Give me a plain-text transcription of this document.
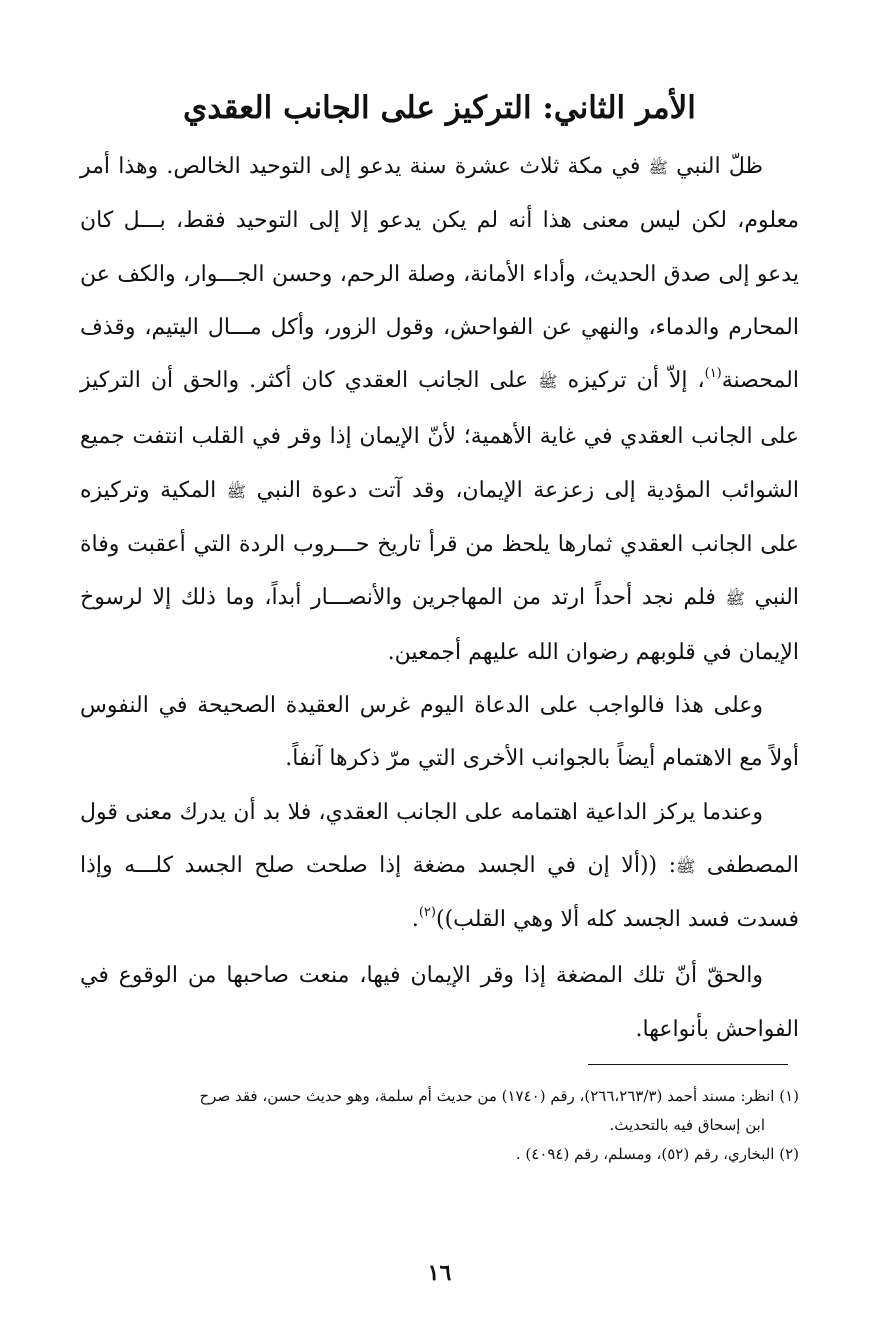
الأمر الثاني: التركيز على الجانب العقدي

ظلّ النبي ﷺ في مكة ثلاث عشرة سنة يدعو إلى التوحيد الخالص. وهذا أمر معلوم، لكن ليس معنى هذا أنه لم يكن يدعو إلا إلى التوحيد فقط، بـــل كان يدعو إلى صدق الحديث، وأداء الأمانة، وصلة الرحم، وحسن الجـــوار، والكف عن المحارم والدماء، والنهي عن الفواحش، وقول الزور، وأكل مـــال اليتيم، وقذف المحصنة$^{(١)}$، إلاّ أن تركيزه ﷺ على الجانب العقدي كان أكثر. والحق أن التركيز على الجانب العقدي في غاية الأهمية؛ لأنّ الإيمان إذا وقر في القلب انتفت جميع الشوائب المؤدية إلى زعزعة الإيمان، وقد آتت دعوة النبي ﷺ المكية وتركيزه على الجانب العقدي ثمارها يلحظ من قرأ تاريخ حـــروب الردة التي أعقبت وفاة النبي ﷺ فلم نجد أحداً ارتد من المهاجرين والأنصـــار أبداً، وما ذلك إلا لرسوخ الإيمان في قلوبهم رضوان الله عليهم أجمعين.

وعلى هذا فالواجب على الدعاة اليوم غرس العقيدة الصحيحة في النفوس أولاً مع الاهتمام أيضاً بالجوانب الأخرى التي مرّ ذكرها آنفاً.

وعندما يركز الداعية اهتمامه على الجانب العقدي، فلا بد أن يدرك معنى قول المصطفى ﷺ: ((ألا إن في الجسد مضغة إذا صلحت صلح الجسد كلـــه وإذا فسدت فسد الجسد كله ألا وهي القلب))$^{(٢)}$.

والحقّ أنّ تلك المضغة إذا وقر الإيمان فيها، منعت صاحبها من الوقوع في الفواحش بأنواعها.

(١) انظر: مسند أحمد (٢٦٦،٢٦٣/٣)، رقم (١٧٤٠) من حديث أم سلمة، وهو حديث حسن، فقد صرح

ابن إسحاق فيه بالتحديث.

(٢) البخاري، رقم (٥٢)، ومسلم، رقم (٤٠٩٤) .

١٦
